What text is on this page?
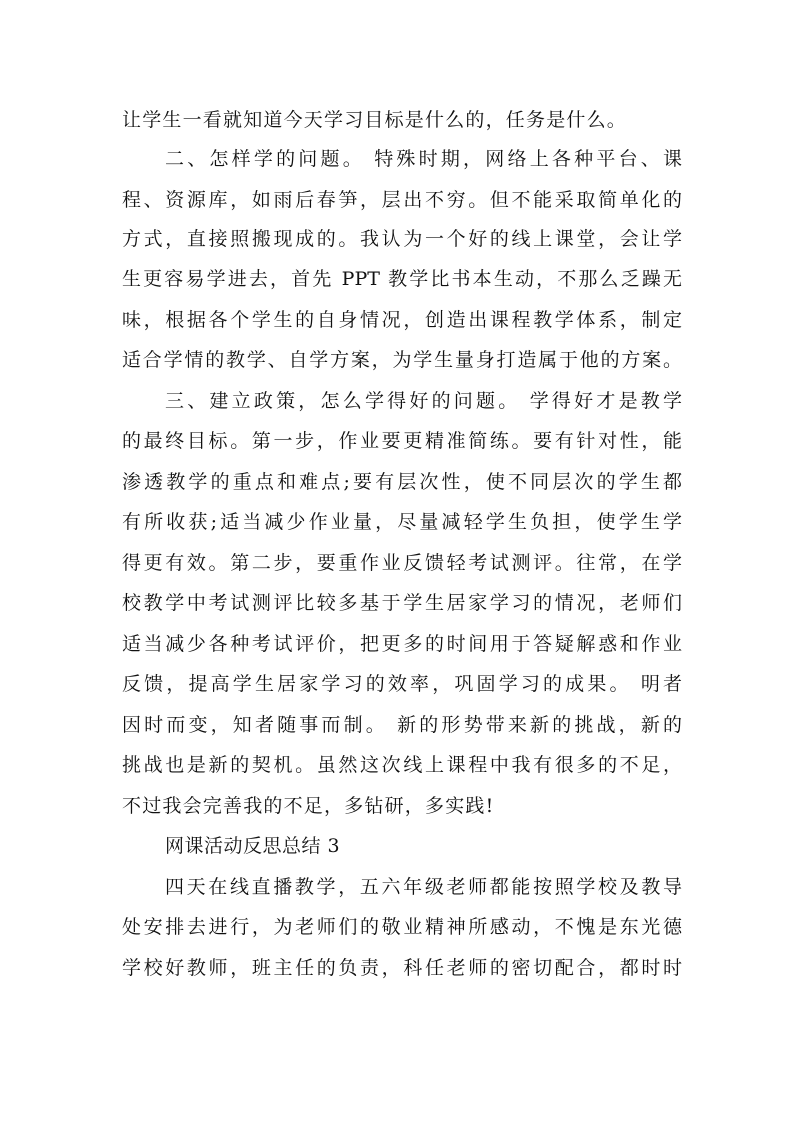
让学生一看就知道今天学习目标是什么的，任务是什么。
二、怎样学的问题。 特殊时期，网络上各种平台、课
程、资源库，如雨后春笋，层出不穷。但不能采取简单化的
方式，直接照搬现成的。我认为一个好的线上课堂，会让学
生更容易学进去，首先 PPT 教学比书本生动，不那么乏躁无
味，根据各个学生的自身情况，创造出课程教学体系，制定
适合学情的教学、自学方案，为学生量身打造属于他的方案。
三、建立政策，怎么学得好的问题。 学得好才是教学
的最终目标。第一步，作业要更精准简练。要有针对性，能
渗透教学的重点和难点;要有层次性，使不同层次的学生都
有所收获;适当减少作业量，尽量减轻学生负担，使学生学
得更有效。第二步，要重作业反馈轻考试测评。往常，在学
校教学中考试测评比较多基于学生居家学习的情况，老师们
适当减少各种考试评价，把更多的时间用于答疑解惑和作业
反馈，提高学生居家学习的效率，巩固学习的成果。 明者
因时而变，知者随事而制。 新的形势带来新的挑战，新的
挑战也是新的契机。虽然这次线上课程中我有很多的不足，
不过我会完善我的不足，多钻研，多实践!
网课活动反思总结 3
四天在线直播教学，五六年级老师都能按照学校及教导
处安排去进行，为老师们的敬业精神所感动，不愧是东光德
学校好教师，班主任的负责，科任老师的密切配合，都时时
